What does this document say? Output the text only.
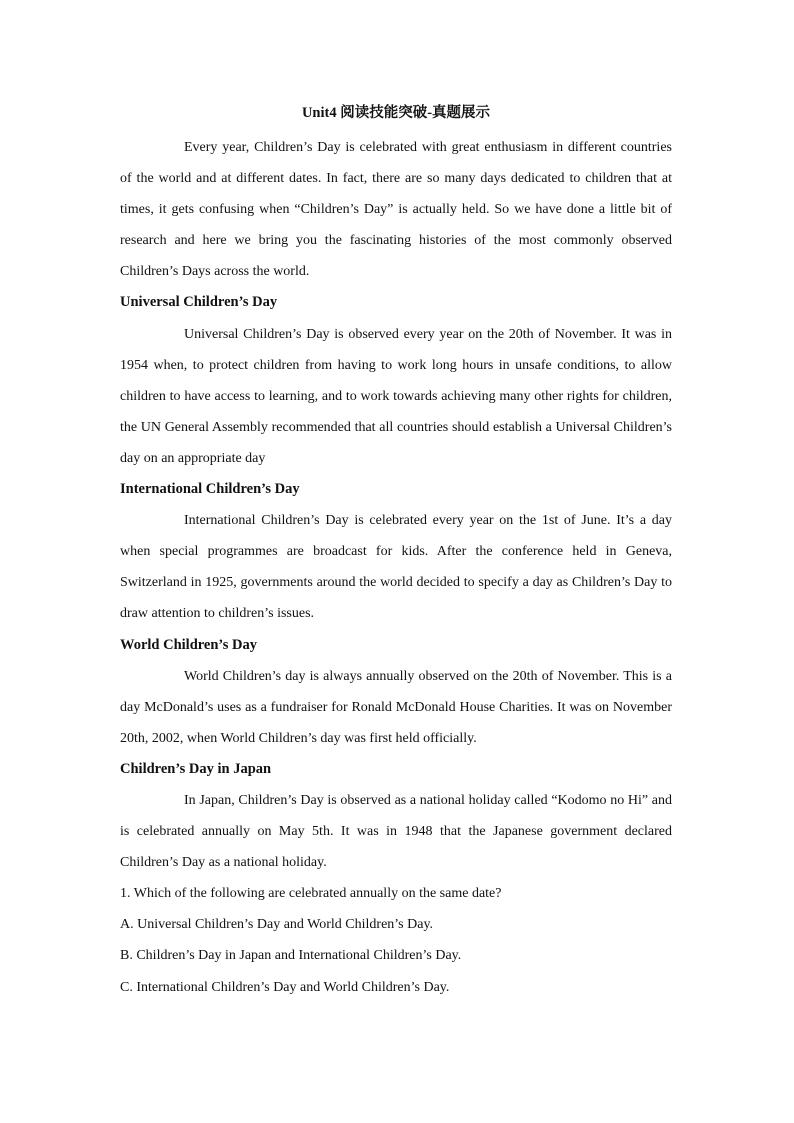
Unit4 阅读技能突破-真题展示

Every year, Children’s Day is celebrated with great enthusiasm in different countries of the world and at different dates. In fact, there are so many days dedicated to children that at times, it gets confusing when “Children’s Day” is actually held. So we have done a little bit of research and here we bring you the fascinating histories of the most commonly observed Children’s Days across the world.

Universal Children’s Day

Universal Children’s Day is observed every year on the 20th of November. It was in 1954 when, to protect children from having to work long hours in unsafe conditions, to allow children to have access to learning, and to work towards achieving many other rights for children, the UN General Assembly recommended that all countries should establish a Universal Children’s day on an appropriate day

International Children’s Day

International Children’s Day is celebrated every year on the 1st of June. It’s a day when special programmes are broadcast for kids. After the conference held in Geneva, Switzerland in 1925, governments around the world decided to specify a day as Children’s Day to draw attention to children’s issues.

World Children’s Day

World Children’s day is always annually observed on the 20th of November. This is a day McDonald’s uses as a fundraiser for Ronald McDonald House Charities. It was on November 20th, 2002, when World Children’s day was first held officially.

Children’s Day in Japan

In Japan, Children’s Day is observed as a national holiday called “Kodomo no Hi” and is celebrated annually on May 5th. It was in 1948 that the Japanese government declared Children’s Day as a national holiday.

1. Which of the following are celebrated annually on the same date?

A. Universal Children’s Day and World Children’s Day.

B. Children’s Day in Japan and International Children’s Day.

C. International Children’s Day and World Children’s Day.
